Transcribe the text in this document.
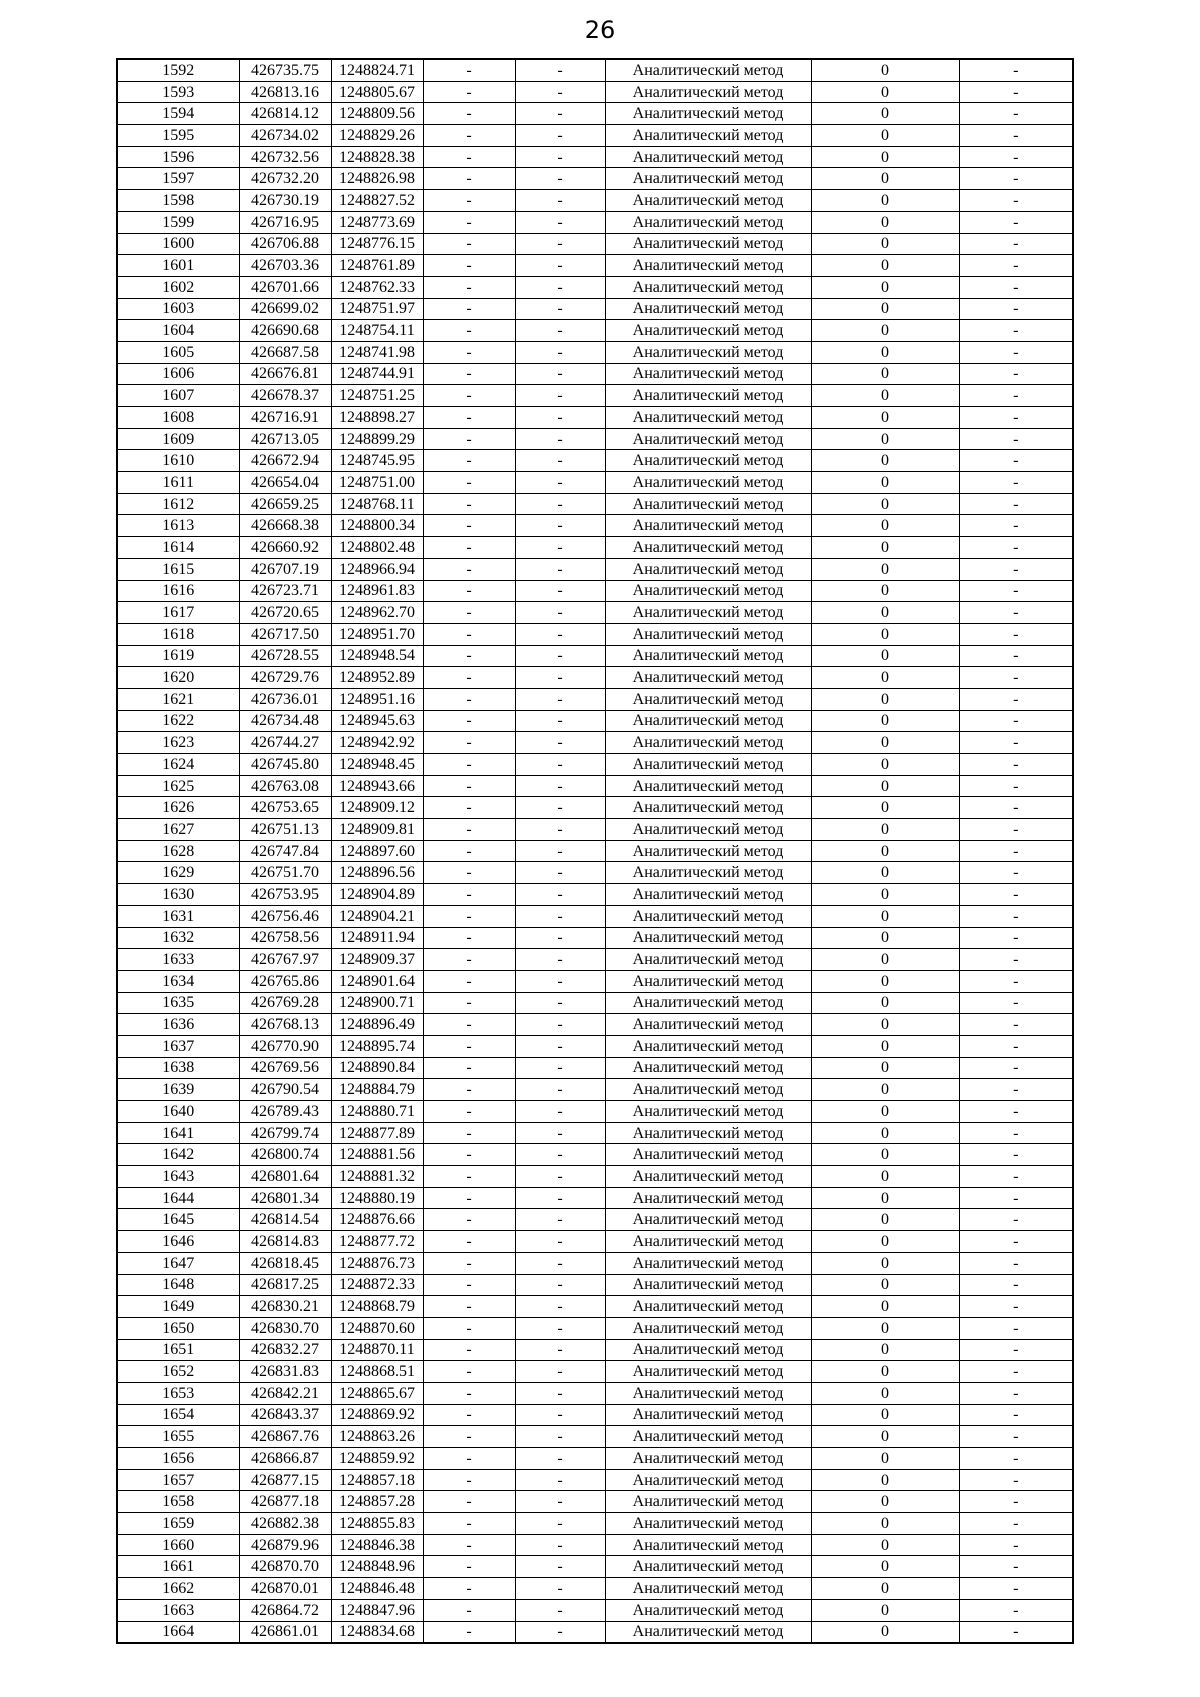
26
1592	426735.75	1248824.71	-	-	Аналитический метод	0	-
1593	426813.16	1248805.67	-	-	Аналитический метод	0	-
1594	426814.12	1248809.56	-	-	Аналитический метод	0	-
1595	426734.02	1248829.26	-	-	Аналитический метод	0	-
1596	426732.56	1248828.38	-	-	Аналитический метод	0	-
1597	426732.20	1248826.98	-	-	Аналитический метод	0	-
1598	426730.19	1248827.52	-	-	Аналитический метод	0	-
1599	426716.95	1248773.69	-	-	Аналитический метод	0	-
1600	426706.88	1248776.15	-	-	Аналитический метод	0	-
1601	426703.36	1248761.89	-	-	Аналитический метод	0	-
1602	426701.66	1248762.33	-	-	Аналитический метод	0	-
1603	426699.02	1248751.97	-	-	Аналитический метод	0	-
1604	426690.68	1248754.11	-	-	Аналитический метод	0	-
1605	426687.58	1248741.98	-	-	Аналитический метод	0	-
1606	426676.81	1248744.91	-	-	Аналитический метод	0	-
1607	426678.37	1248751.25	-	-	Аналитический метод	0	-
1608	426716.91	1248898.27	-	-	Аналитический метод	0	-
1609	426713.05	1248899.29	-	-	Аналитический метод	0	-
1610	426672.94	1248745.95	-	-	Аналитический метод	0	-
1611	426654.04	1248751.00	-	-	Аналитический метод	0	-
1612	426659.25	1248768.11	-	-	Аналитический метод	0	-
1613	426668.38	1248800.34	-	-	Аналитический метод	0	-
1614	426660.92	1248802.48	-	-	Аналитический метод	0	-
1615	426707.19	1248966.94	-	-	Аналитический метод	0	-
1616	426723.71	1248961.83	-	-	Аналитический метод	0	-
1617	426720.65	1248962.70	-	-	Аналитический метод	0	-
1618	426717.50	1248951.70	-	-	Аналитический метод	0	-
1619	426728.55	1248948.54	-	-	Аналитический метод	0	-
1620	426729.76	1248952.89	-	-	Аналитический метод	0	-
1621	426736.01	1248951.16	-	-	Аналитический метод	0	-
1622	426734.48	1248945.63	-	-	Аналитический метод	0	-
1623	426744.27	1248942.92	-	-	Аналитический метод	0	-
1624	426745.80	1248948.45	-	-	Аналитический метод	0	-
1625	426763.08	1248943.66	-	-	Аналитический метод	0	-
1626	426753.65	1248909.12	-	-	Аналитический метод	0	-
1627	426751.13	1248909.81	-	-	Аналитический метод	0	-
1628	426747.84	1248897.60	-	-	Аналитический метод	0	-
1629	426751.70	1248896.56	-	-	Аналитический метод	0	-
1630	426753.95	1248904.89	-	-	Аналитический метод	0	-
1631	426756.46	1248904.21	-	-	Аналитический метод	0	-
1632	426758.56	1248911.94	-	-	Аналитический метод	0	-
1633	426767.97	1248909.37	-	-	Аналитический метод	0	-
1634	426765.86	1248901.64	-	-	Аналитический метод	0	-
1635	426769.28	1248900.71	-	-	Аналитический метод	0	-
1636	426768.13	1248896.49	-	-	Аналитический метод	0	-
1637	426770.90	1248895.74	-	-	Аналитический метод	0	-
1638	426769.56	1248890.84	-	-	Аналитический метод	0	-
1639	426790.54	1248884.79	-	-	Аналитический метод	0	-
1640	426789.43	1248880.71	-	-	Аналитический метод	0	-
1641	426799.74	1248877.89	-	-	Аналитический метод	0	-
1642	426800.74	1248881.56	-	-	Аналитический метод	0	-
1643	426801.64	1248881.32	-	-	Аналитический метод	0	-
1644	426801.34	1248880.19	-	-	Аналитический метод	0	-
1645	426814.54	1248876.66	-	-	Аналитический метод	0	-
1646	426814.83	1248877.72	-	-	Аналитический метод	0	-
1647	426818.45	1248876.73	-	-	Аналитический метод	0	-
1648	426817.25	1248872.33	-	-	Аналитический метод	0	-
1649	426830.21	1248868.79	-	-	Аналитический метод	0	-
1650	426830.70	1248870.60	-	-	Аналитический метод	0	-
1651	426832.27	1248870.11	-	-	Аналитический метод	0	-
1652	426831.83	1248868.51	-	-	Аналитический метод	0	-
1653	426842.21	1248865.67	-	-	Аналитический метод	0	-
1654	426843.37	1248869.92	-	-	Аналитический метод	0	-
1655	426867.76	1248863.26	-	-	Аналитический метод	0	-
1656	426866.87	1248859.92	-	-	Аналитический метод	0	-
1657	426877.15	1248857.18	-	-	Аналитический метод	0	-
1658	426877.18	1248857.28	-	-	Аналитический метод	0	-
1659	426882.38	1248855.83	-	-	Аналитический метод	0	-
1660	426879.96	1248846.38	-	-	Аналитический метод	0	-
1661	426870.70	1248848.96	-	-	Аналитический метод	0	-
1662	426870.01	1248846.48	-	-	Аналитический метод	0	-
1663	426864.72	1248847.96	-	-	Аналитический метод	0	-
1664	426861.01	1248834.68	-	-	Аналитический метод	0	-
